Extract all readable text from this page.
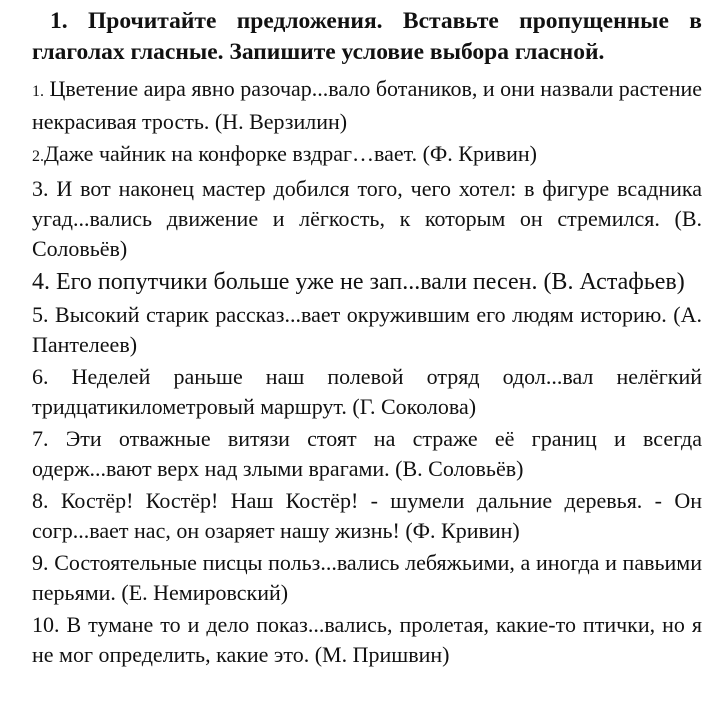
1. Прочитайте предложения. Вставьте пропущенные в глаголах гласные. Запишите условие выбора гласной.

1. Цветение аира явно разочар...вало ботаников, и они назвали растение некрасивая трость. (Н. Верзилин)

2.Даже чайник на конфорке вздраг…вает. (Ф. Кривин)

3. И вот наконец мастер добился того, чего хотел: в фигуре всадника угад...вались движение и лёгкость, к которым он стремился. (В. Соловьёв)

4. Его попутчики больше уже не зап...вали песен. (В. Астафьев)

5. Высокий старик рассказ...вает окружившим его людям историю. (А. Пантелеев)

6. Неделей раньше наш полевой отряд одол...вал нелёгкий тридцатикилометровый маршрут. (Г. Соколова)

7. Эти отважные витязи стоят на страже её границ и всегда одерж...вают верх над злыми врагами. (В. Соловьёв)

8. Костёр! Костёр! Наш Костёр! - шумели дальние деревья. - Он согр...вает нас, он озаряет нашу жизнь! (Ф. Кривин)

9. Состоятельные писцы польз...вались лебяжьими, а иногда и павьими перьями. (Е. Немировский)

10. В тумане то и дело показ...вались, пролетая, какие-то птички, но я не мог определить, какие это. (М. Пришвин)
